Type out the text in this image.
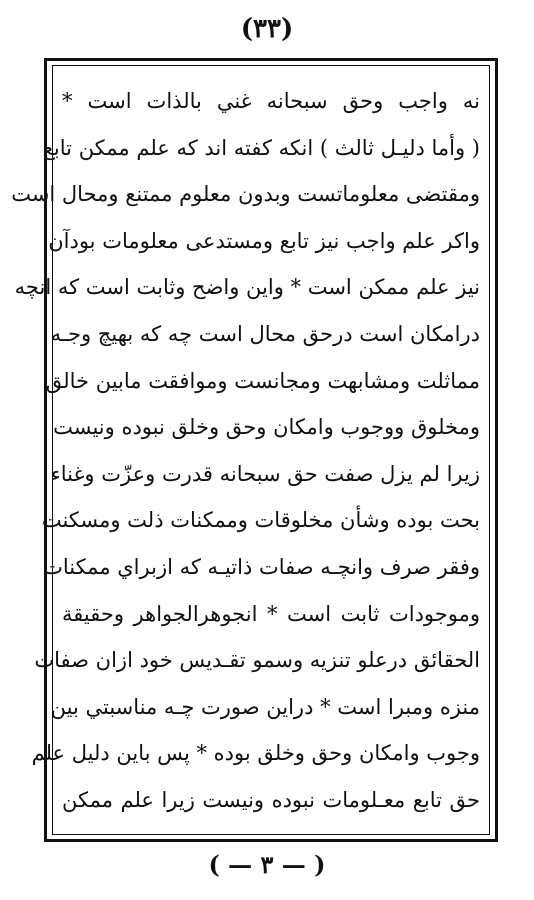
(۳۳)
نه واجب وحق سبحانه غني بالذات است *
( وأما دليـل ثالث ) انكه كفته اند كه علم ممكن تابع
ومقتضى معلوماتست وبدون معلوم ممتنع ومحال است
واكر علم واجب نيز تابع ومستدعى معلومات بودآن
نيز علم ممكن است * واين واضح وثابت است كه انچه
درامكان است درحق محال است چه كه بهيچ وجـه
مماثلت ومشابهت ومجانست وموافقت مابين خالق
ومخلوق ووجوب وامكان وحق وخلق نبوده ونيست
زيرا لم يزل صفت حق سبحانه قدرت وعزّت وغناء
بحت بوده وشأن مخلوقات وممكنات ذلت ومسكنت
وفقر صرف وانچـه صفات ذاتيـه كه ازبراي ممكنات
وموجودات ثابت است * انجوهرالجواهر وحقيقة
الحقائق درعلو تنزيه وسمو تقـديس خود ازان صفات
منزه ومبرا است * دراين صورت چـه مناسبتي بين
وجوب وامكان وحق وخلق بوده * پس باين دليل علم
حق تابع معـلومات نبوده ونيست زيرا علم ممكن
( — ۳ — )
